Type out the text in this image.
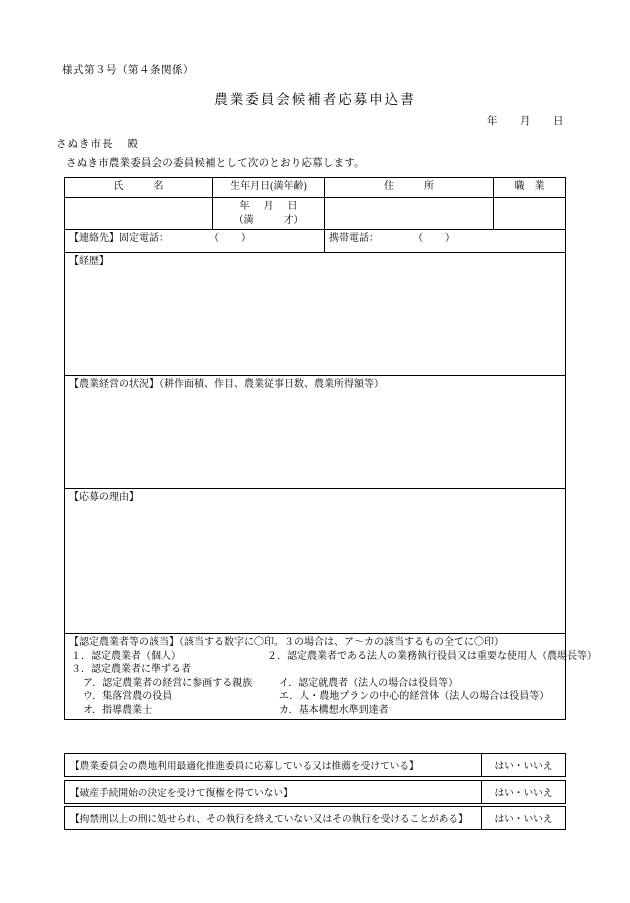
様式第３号（第４条関係）
農業委員会候補者応募申込書
年 月 日
さぬき市長 殿
さぬき市農業委員会の委員候補として次のとおり応募します。
氏　　　名	生年月日(満年齢)	住　　　所	職　業

	年 月 日
（満　　　才）		

【連絡先】固定電話： （ ）		携帯電話： （ ）	
【経歴】			
【農業経営の状況】（耕作面積、作目、農業従事日数、農業所得額等）			
【応募の理由】			

【認定農業者等の該当】（該当する数字に〇印。３の場合は、ア～カの該当するもの全てに〇印）
１．認定農業者（個人）	２．認定農業者である法人の業務執行役員又は重要な使用人（農場長等）
３．認定農業者に準ずる者
ア．認定農業者の経営に参画する親族	イ．認定就農者（法人の場合は役員等）
ウ．集落営農の役員	エ．人・農地プランの中心的経営体（法人の場合は役員等）
オ．指導農業士	カ．基本構想水準到達者
【農業委員会の農地利用最適化推進委員に応募している又は推薦を受けている】	はい・いいえ
【破産手続開始の決定を受けて復権を得ていない】	はい・いいえ
【拘禁刑以上の刑に処せられ、その執行を終えていない又はその執行を受けることがある】	はい・いいえ
